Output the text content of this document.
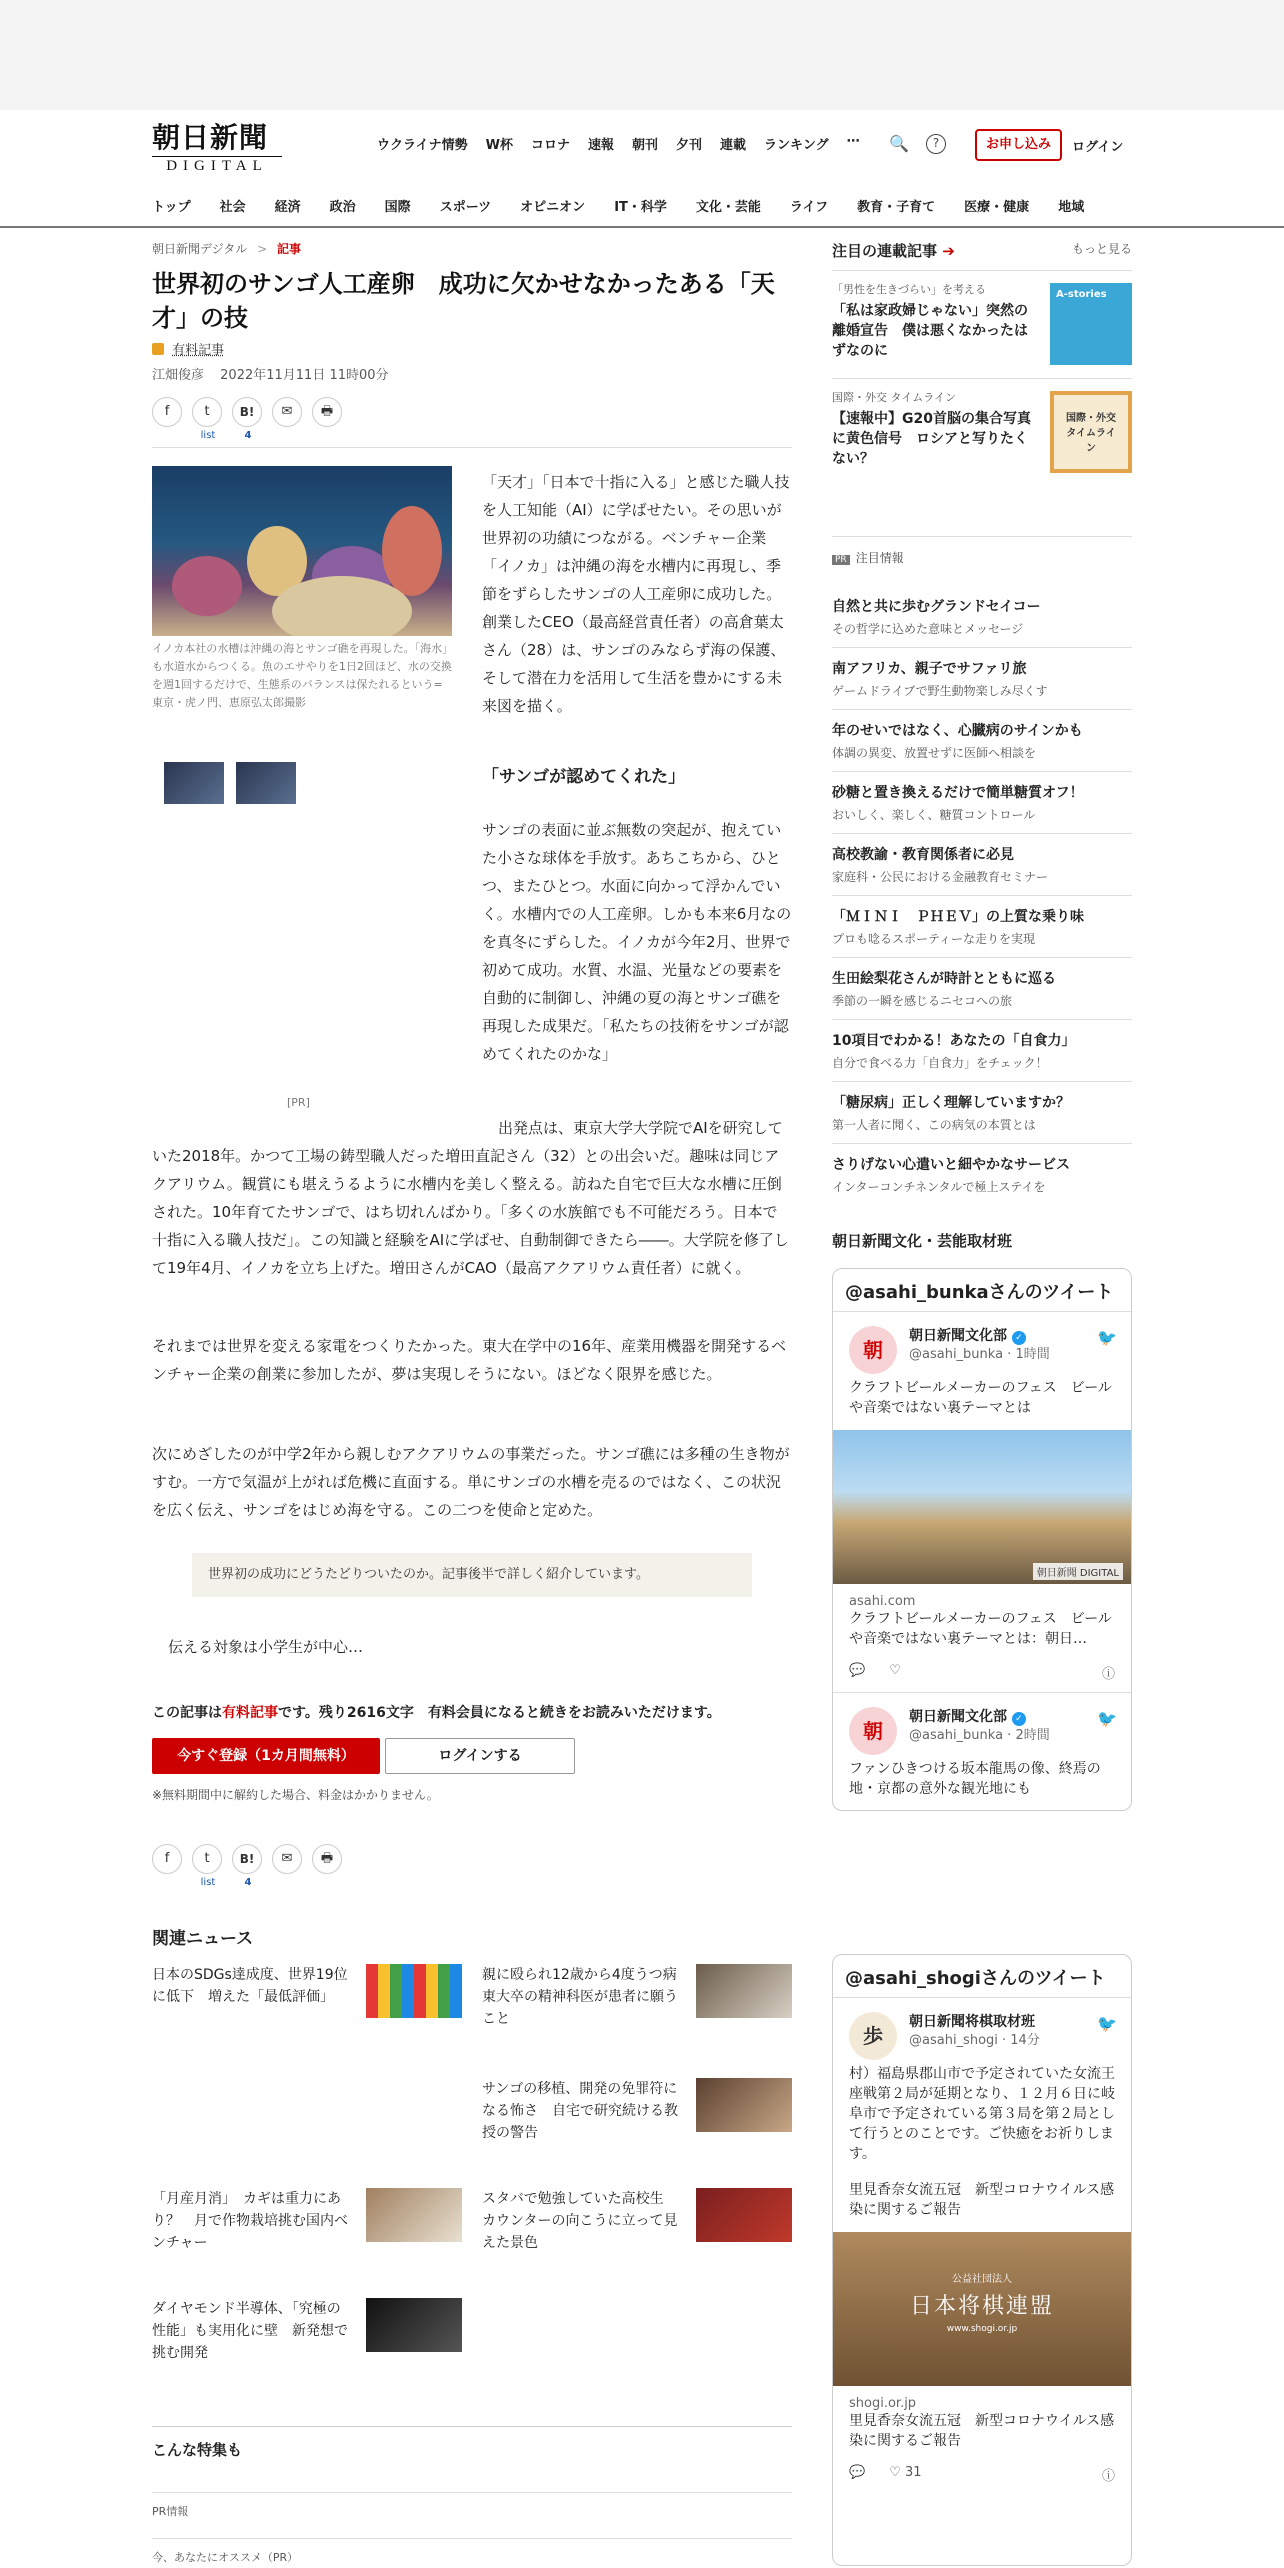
朝日新聞
DIGITAL
ウクライナ情勢 W杯 コロナ 速報 朝刊 夕刊 連載 ランキング ⋯ 🔍	?	お申し込み	ログイン
トップ 社会 経済 政治 国際 スポーツ オピニオン IT・科学 文化・芸能 ライフ 教育・子育て 医療・健康 地域
朝日新聞デジタル > 記事
世界初のサンゴ人工産卵　成功に欠かせなかったある「天才」の技
有料記事
江畑俊彦 2022年11月11日 11時00分
f	t
list
B!
4
✉	🖶

イノカ本社の水槽は沖縄の海とサンゴ礁を再現した。「海水」も水道水からつくる。魚のエサやりを1日2回ほど、水の交換を週1回するだけで、生態系のバランスは保たれるという=東京・虎ノ門、恵原弘太郎撮影

[PR]

「天才」「日本で十指に入る」と感じた職人技を人工知能（AI）に学ばせたい。その思いが世界初の功績につながる。ベンチャー企業「イノカ」は沖縄の海を水槽内に再現し、季節をずらしたサンゴの人工産卵に成功した。創業したCEO（最高経営責任者）の高倉葉太さん（28）は、サンゴのみならず海の保護、そして潜在力を活用して生活を豊かにする未来図を描く。

「サンゴが認めてくれた」

サンゴの表面に並ぶ無数の突起が、抱えていた小さな球体を手放す。あちこちから、ひとつ、またひとつ。水面に向かって浮かんでいく。水槽内での人工産卵。しかも本来6月なのを真冬にずらした。イノカが今年2月、世界で初めて成功。水質、水温、光量などの要素を自動的に制御し、沖縄の夏の海とサンゴ礁を再現した成果だ。「私たちの技術をサンゴが認めてくれたのかな」

出発点は、東京大学大学院でAIを研究していた2018年。かつて工場の鋳型職人だった増田直記さん（32）との出会いだ。趣味は同じアクアリウム。観賞にも堪えうるように水槽内を美しく整える。訪ねた自宅で巨大な水槽に圧倒された。10年育てたサンゴで、はち切れんばかり。「多くの水族館でも不可能だろう。日本で十指に入る職人技だ」。この知識と経験をAIに学ばせ、自動制御できたら――。大学院を修了して19年4月、イノカを立ち上げた。増田さんがCAO（最高アクアリウム責任者）に就く。

それまでは世界を変える家電をつくりたかった。東大在学中の16年、産業用機器を開発するベンチャー企業の創業に参加したが、夢は実現しそうにない。ほどなく限界を感じた。

次にめざしたのが中学2年から親しむアクアリウムの事業だった。サンゴ礁には多種の生き物がすむ。一方で気温が上がれば危機に直面する。単にサンゴの水槽を売るのではなく、この状況を広く伝え、サンゴをはじめ海を守る。この二つを使命と定めた。

世界初の成功にどうたどりついたのか。記事後半で詳しく紹介しています。

伝える対象は小学生が中心…

この記事は有料記事です。残り2616文字　有料会員になると続きをお読みいただけます。

今すぐ登録（1カ月間無料）	ログインする

※無料期間中に解約した場合、料金はかかりません。

f	t
list
B!
4
✉	🖶
関連ニュース

日本のSDGs達成度、世界19位に低下　増えた「最低評価」

親に殴られ12歳から4度うつ病　東大卒の精神科医が患者に願うこと

サンゴの移植、開発の免罪符になる怖さ　自宅で研究続ける教授の警告

「月産月消」　カギは重力にあり？　月で作物栽培挑む国内ベンチャー

スタバで勉強していた高校生　カウンターの向こうに立って見えた景色

ダイヤモンド半導体、「究極の性能」も実用化に壁　新発想で挑む開発

こんな特集も
PR情報
今、あなたにオススメ（PR）
注目の連載記事 ➔	もっと見る

「男性を生きづらい」を考える

「私は家政婦じゃない」突然の離婚宣告　僕は悪くなかったはずなのに

A-stories

国際・外交 タイムライン

【速報中】G20首脳の集合写真に黄色信号　ロシアと写りたくない？

国際・外交 タイムライン
PR 注目情報

自然と共に歩むグランドセイコー

その哲学に込めた意味とメッセージ

南アフリカ、親子でサファリ旅

ゲームドライブで野生動物楽しみ尽くす

年のせいではなく、心臓病のサインかも

体調の異変、放置せずに医師へ相談を

砂糖と置き換えるだけで簡単糖質オフ！

おいしく、楽しく、糖質コントロール

高校教諭・教育関係者に必見

家庭科・公民における金融教育セミナー

「ＭＩＮＩ　ＰＨＥＶ」の上質な乗り味

プロも唸るスポーティーな走りを実現

生田絵梨花さんが時計とともに巡る

季節の一瞬を感じるニセコへの旅

10項目でわかる！あなたの「自食力」

自分で食べる力「自食力」をチェック！

「糖尿病」正しく理解していますか？

第一人者に聞く、この病気の本質とは

さりげない心遣いと細やかなサービス

インターコンチネンタルで極上ステイを

朝日新聞文化・芸能取材班
@asahi_bunkaさんのツイート
朝
🐦

朝日新聞文化部 ✓

@asahi_bunka · 1時間

クラフトビールメーカーのフェス　ビールや音楽ではない裏テーマとは

朝日新聞 DIGITAL

asahi.com

クラフトビールメーカーのフェス　ビールや音楽ではない裏テーマとは：朝日…

💬 ♡	ⓘ
朝
🐦

朝日新聞文化部 ✓

@asahi_bunka · 2時間

ファンひきつける坂本龍馬の像、終焉の地・京都の意外な観光地にも

@asahi_shogiさんのツイート
歩
🐦

朝日新聞将棋取材班

@asahi_shogi · 14分

村）福島県郡山市で予定されていた女流王座戦第２局が延期となり、１２月６日に岐阜市で予定されている第３局を第２局として行うとのことです。ご快癒をお祈りします。

里見香奈女流五冠　新型コロナウイルス感染に関するご報告

公益社団法人

日本将棋連盟

www.shogi.or.jp

shogi.or.jp

里見香奈女流五冠　新型コロナウイルス感染に関するご報告

💬 ♡ 31	ⓘ
